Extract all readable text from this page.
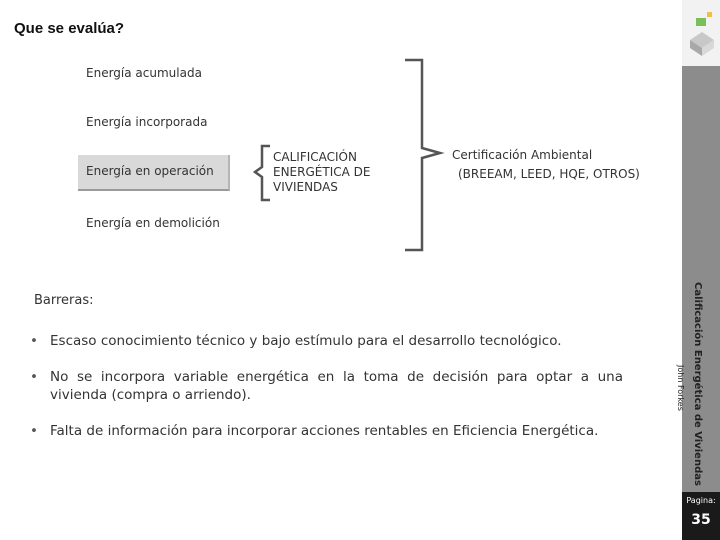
Que se evalúa?
Energía acumulada
Energía incorporada
Energía en operación
Energía en demolición
CALIFICACIÓN
ENERGÉTICA DE
VIVIENDAS
Certificación Ambiental
(BREEAM, LEED, HQE, OTROS)
Calificación Energética de Viviendas
John Forkes
Pagina:
35
Barreras:
• Escaso conocimiento técnico y bajo estímulo para el desarrollo tecnológico.
• No se incorpora variable energética en la toma de decisión para optar a una vivienda (compra o arriendo).
• Falta de información para incorporar acciones rentables en Eficiencia Energética.
